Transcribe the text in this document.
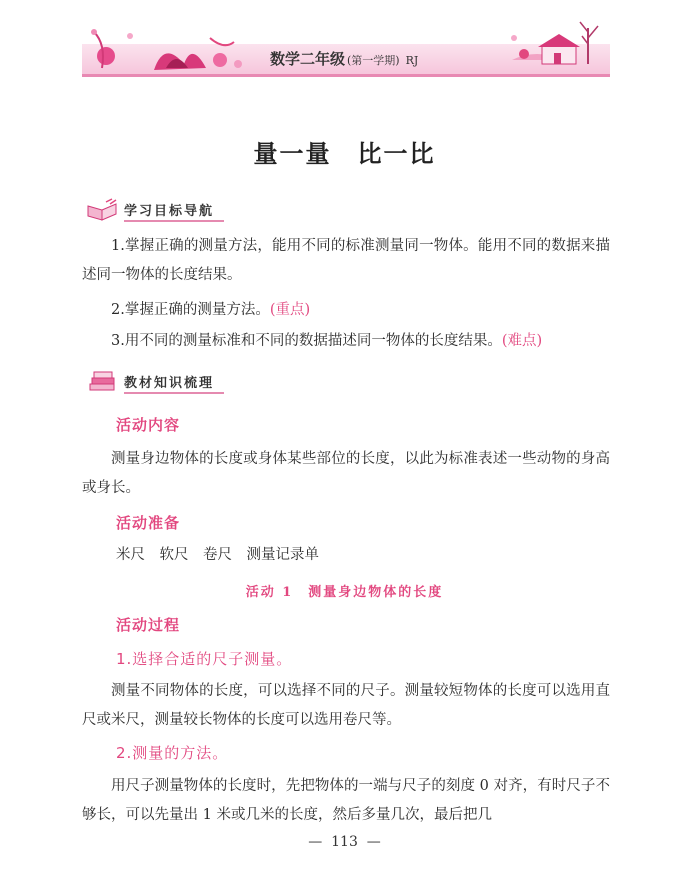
数学二年级 (第一学期) RJ
量一量　比一比
学习目标导航
1.掌握正确的测量方法，能用不同的标准测量同一物体。能用不同的数据来描述同一物体的长度结果。
2.掌握正确的测量方法。(重点)
3.用不同的测量标准和不同的数据描述同一物体的长度结果。(难点)
教材知识梳理
活动内容
测量身边物体的长度或身体某些部位的长度，以此为标准表述一些动物的身高或身长。
活动准备
米尺　软尺　卷尺　测量记录单
活动 1　测量身边物体的长度
活动过程
1.选择合适的尺子测量。
测量不同物体的长度，可以选择不同的尺子。测量较短物体的长度可以选用直尺或米尺，测量较长物体的长度可以选用卷尺等。
2.测量的方法。
用尺子测量物体的长度时，先把物体的一端与尺子的刻度 0 对齐，有时尺子不够长，可以先量出 1 米或几米的长度，然后多量几次，最后把几
—  113  —
